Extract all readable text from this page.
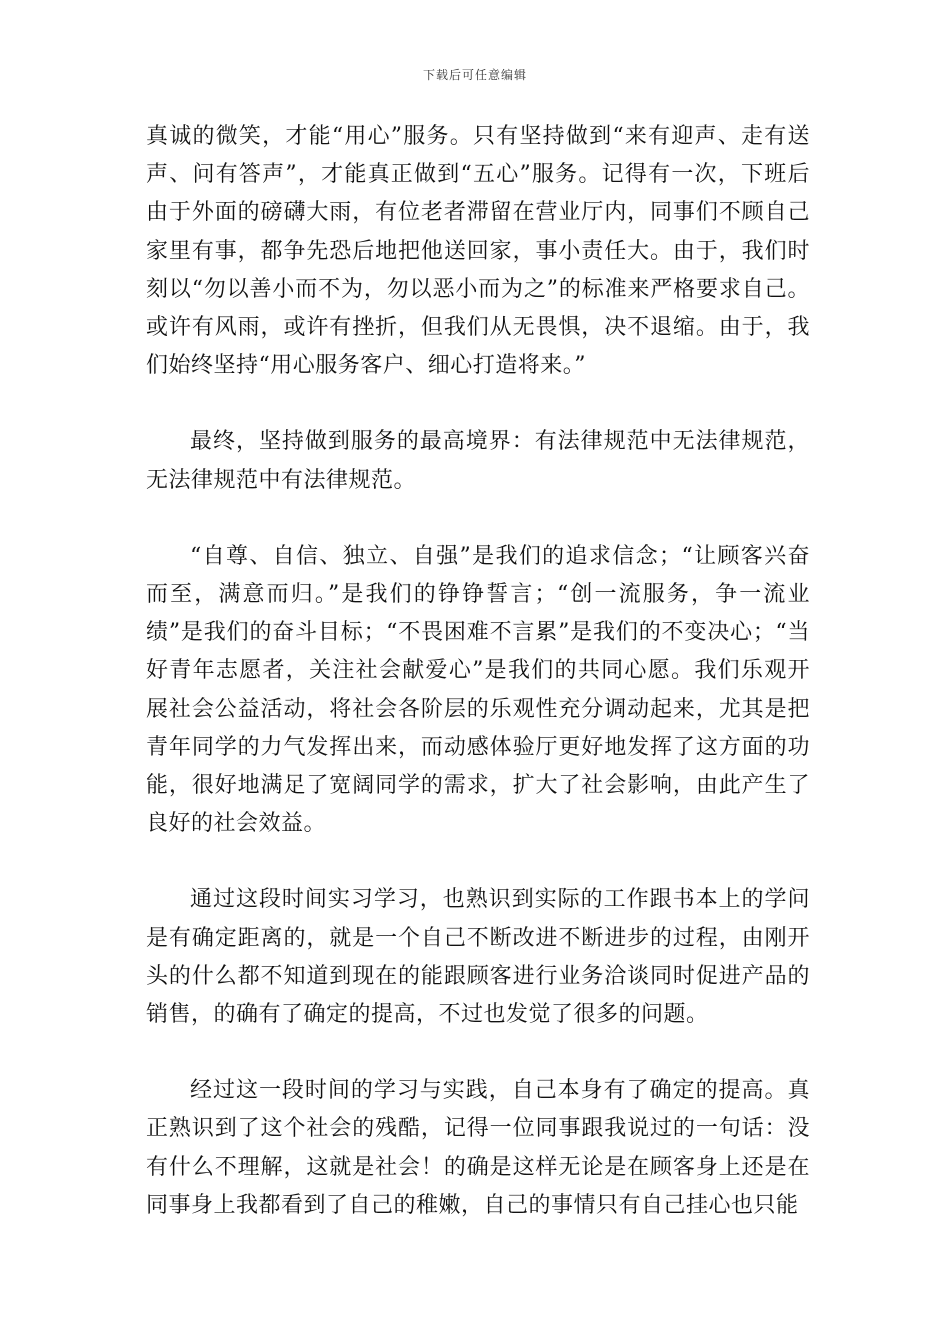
下载后可任意编辑

真诚的微笑，才能“用心”服务。只有坚持做到“来有迎声、走有送声、问有答声”，才能真正做到“五心”服务。记得有一次，下班后由于外面的磅礴大雨，有位老者滞留在营业厅内，同事们不顾自己家里有事，都争先恐后地把他送回家，事小责任大。由于，我们时刻以“勿以善小而不为，勿以恶小而为之”的标准来严格要求自己。或许有风雨，或许有挫折，但我们从无畏惧，决不退缩。由于，我们始终坚持“用心服务客户、细心打造将来。”

最终，坚持做到服务的最高境界：有法律规范中无法律规范，无法律规范中有法律规范。

“自尊、自信、独立、自强”是我们的追求信念；“让顾客兴奋而至，满意而归。”是我们的铮铮誓言；“创一流服务，争一流业绩”是我们的奋斗目标；“不畏困难不言累”是我们的不变决心；“当好青年志愿者，关注社会献爱心”是我们的共同心愿。我们乐观开展社会公益活动，将社会各阶层的乐观性充分调动起来，尤其是把青年同学的力气发挥出来，而动感体验厅更好地发挥了这方面的功能，很好地满足了宽阔同学的需求，扩大了社会影响，由此产生了良好的社会效益。

通过这段时间实习学习，也熟识到实际的工作跟书本上的学问是有确定距离的，就是一个自己不断改进不断进步的过程，由刚开头的什么都不知道到现在的能跟顾客进行业务洽谈同时促进产品的销售，的确有了确定的提高，不过也发觉了很多的问题。

经过这一段时间的学习与实践，自己本身有了确定的提高。真正熟识到了这个社会的残酷，记得一位同事跟我说过的一句话：没有什么不理解，这就是社会！的确是这样无论是在顾客身上还是在同事身上我都看到了自己的稚嫩，自己的事情只有自己挂心也只能
